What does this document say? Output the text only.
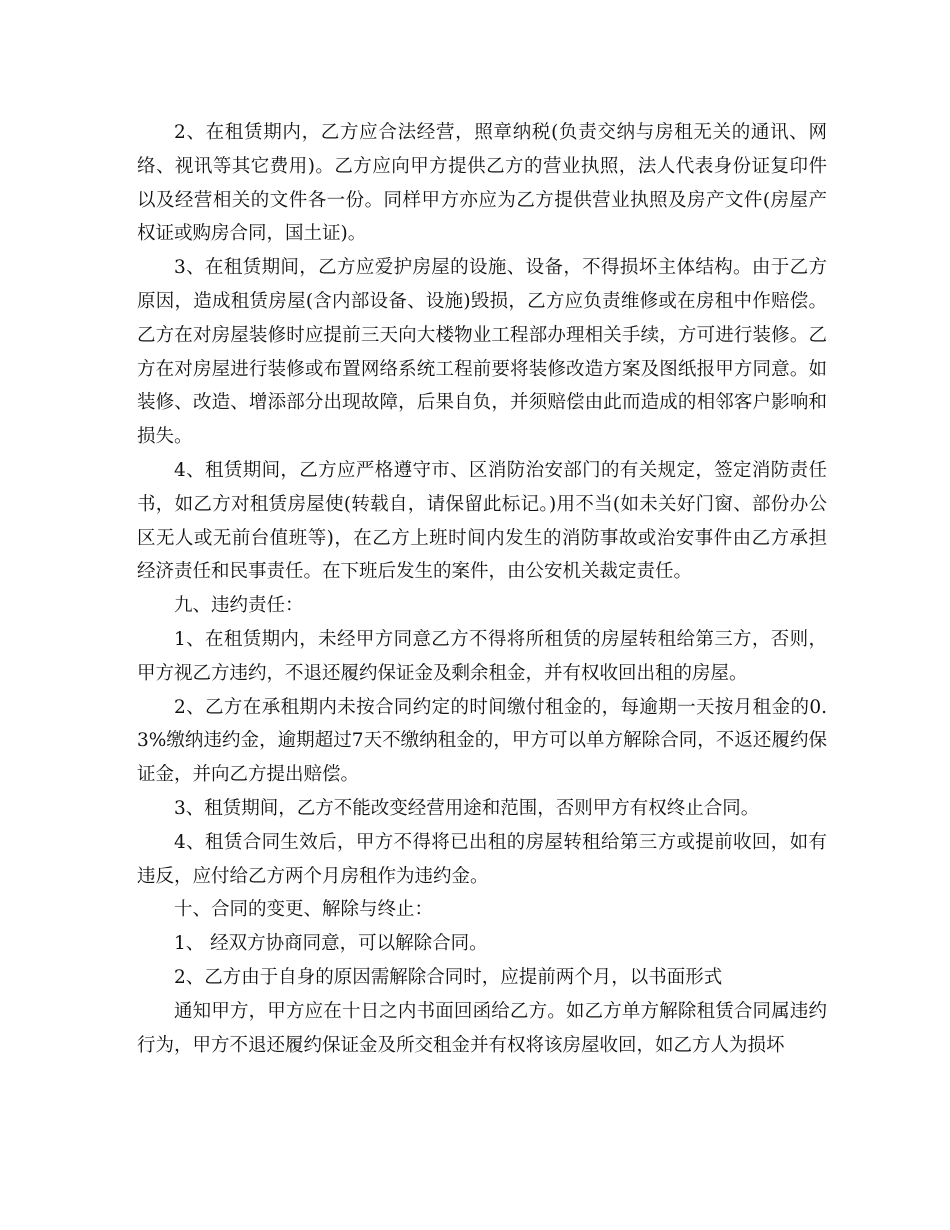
2、在租赁期内，乙方应合法经营，照章纳税(负责交纳与房租无关的通讯、网络、视讯等其它费用)。乙方应向甲方提供乙方的营业执照，法人代表身份证复印件以及经营相关的文件各一份。同样甲方亦应为乙方提供营业执照及房产文件(房屋产权证或购房合同，国土证)。

3、在租赁期间，乙方应爱护房屋的设施、设备，不得损坏主体结构。由于乙方原因，造成租赁房屋(含内部设备、设施)毁损，乙方应负责维修或在房租中作赔偿。乙方在对房屋装修时应提前三天向大楼物业工程部办理相关手续，方可进行装修。乙方在对房屋进行装修或布置网络系统工程前要将装修改造方案及图纸报甲方同意。如装修、改造、增添部分出现故障，后果自负，并须赔偿由此而造成的相邻客户影响和损失。

4、租赁期间，乙方应严格遵守市、区消防治安部门的有关规定，签定消防责任书，如乙方对租赁房屋使(转载自，请保留此标记。)用不当(如未关好门窗、部份办公区无人或无前台值班等)，在乙方上班时间内发生的消防事故或治安事件由乙方承担经济责任和民事责任。在下班后发生的案件，由公安机关裁定责任。

九、违约责任：

1、在租赁期内，未经甲方同意乙方不得将所租赁的房屋转租给第三方，否则，甲方视乙方违约，不退还履约保证金及剩余租金，并有权收回出租的房屋。

2、乙方在承租期内未按合同约定的时间缴付租金的，每逾期一天按月租金的0.3%缴纳违约金，逾期超过7天不缴纳租金的，甲方可以单方解除合同，不返还履约保证金，并向乙方提出赔偿。

3、租赁期间，乙方不能改变经营用途和范围，否则甲方有权终止合同。

4、租赁合同生效后，甲方不得将已出租的房屋转租给第三方或提前收回，如有违反，应付给乙方两个月房租作为违约金。

十、合同的变更、解除与终止：

1、 经双方协商同意，可以解除合同。

2、乙方由于自身的原因需解除合同时，应提前两个月，以书面形式

通知甲方，甲方应在十日之内书面回函给乙方。如乙方单方解除租赁合同属违约行为，甲方不退还履约保证金及所交租金并有权将该房屋收回，如乙方人为损坏
